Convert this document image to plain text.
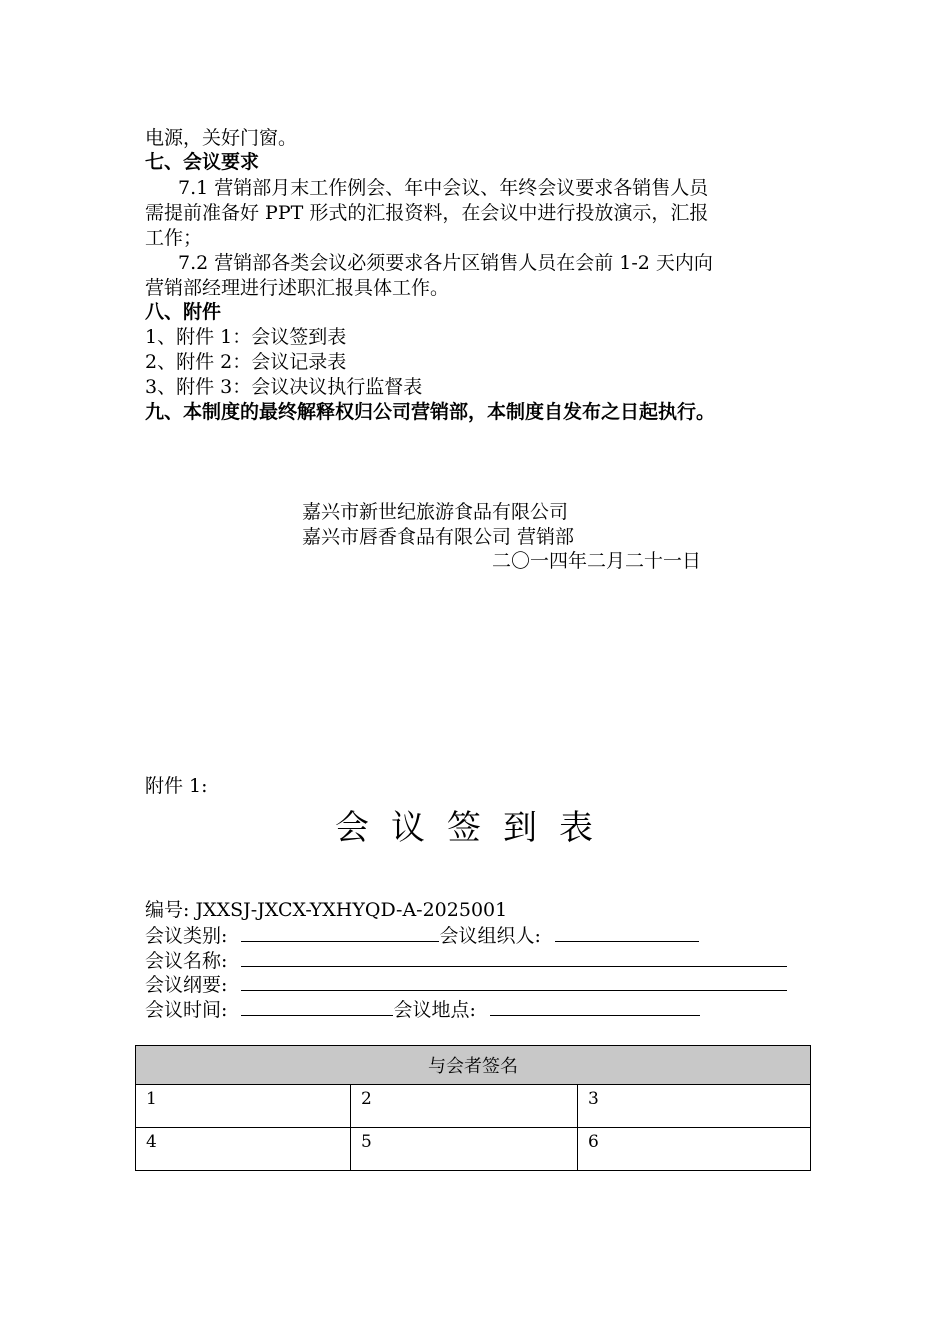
电源，关好门窗。
七、会议要求
7.1 营销部月末工作例会、年中会议、年终会议要求各销售人员
需提前准备好 PPT 形式的汇报资料，在会议中进行投放演示，汇报
工作；
7.2 营销部各类会议必须要求各片区销售人员在会前 1-2 天内向
营销部经理进行述职汇报具体工作。
八、附件
1、附件 1：会议签到表
2、附件 2：会议记录表
3、附件 3：会议决议执行监督表
九、本制度的最终解释权归公司营销部，本制度自发布之日起执行。
嘉兴市新世纪旅游食品有限公司
嘉兴市唇香食品有限公司 营销部
二〇一四年二月二十一日
附件 1:
会议签到表
编号: JXXSJ-JXCX-YXHYQD-A-2025001
会议类别:	会议组织人:
会议名称:
会议纲要:
会议时间:	会议地点:
与会者签名		
1	2	3
4	5	6
